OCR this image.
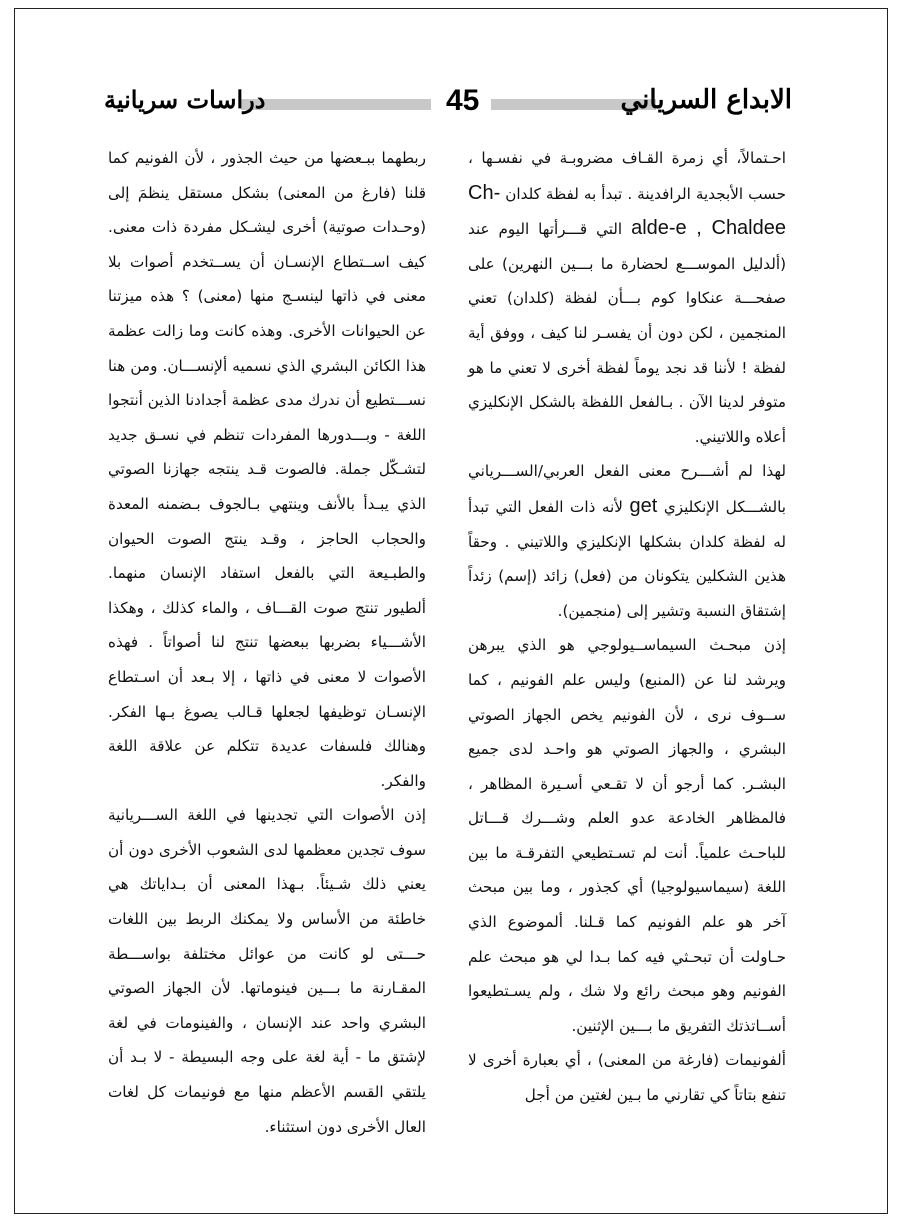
الابداع السرياني
45
دراسات سريانية

احـتمالاً، أي زمرة القـاف مضروبـة في نفسـها ، حسب الأبجدية الرافدينة . تبدأ به لفظة كلدان Ch-alde-e , Chaldee التي قـــرأتها اليوم عند (ألدليل الموســـع لحضارة ما بـــين النهرين) على صفحـــة عنكاوا كوم بـــأن لفظة (كلدان) تعني المنجمين ، لكن دون أن يفسـر لنا كيف ، ووفق أية لفظة ! لأننا قد نجد يوماً لفظة أخرى لا تعني ما هو متوفر لدينا الآن . بـالفعل اللفظة بالشكل الإنكليزي أعلاه واللاتيني.

لهذا لم أشـــرح معنى الفعل العربي/الســـرياني بالشـــكل الإنكليزي get لأنه ذات الفعل التي تبدأ له لفظة كلدان بشكلها الإنكليزي واللاتيني . وحقاً هذين الشكلين يتكونان من (فعل) زائد (إسم) زئداً إشتقاق النسبة وتشير إلى (منجمين).

إذن مبحـث السيماســيولوجي هو الذي يبرهن ويرشد لنا عن (المنبع) وليس علم الفونيم ، كما ســوف نرى ، لأن الفونيم يخص الجهاز الصوتي البشري ، والجهاز الصوتي هو واحـد لدى جميع البشـر. كما أرجو أن لا تقـعي أسـيرة المظاهر ، فالمظاهر الخادعة عدو العلم وشـــرك قـــاتل للباحـث علمياً. أنت لم تسـتطيعي التفرقـة ما بين اللغة (سيماسيولوجيا) أي كجذور ، وما بين مبحث آخر هو علم الفونيم كما قـلنا. ألموضوع الذي حـاولت أن تبحـثي فيه كما بـدا لي هو مبحث علم الفونيم وهو مبحث رائع ولا شك ، ولم يسـتطيعوا أســاتذتك التفريق ما بـــين الإثنين.

ألفونيمات (فارغة من المعنى) ، أي بعبارة أخرى لا تنفع بتاتاً كي تقارني ما بـين لغتين من أجل

ربطهما ببـعضها من حيث الجذور ، لأن الفونيم كما قلنا (فارغ من المعنى) بشكل مستقل ينظمَ إلى (وحـدات صوتية) أخرى ليشـكل مفردة ذات معنى. كيف اســتطاع الإنسـان أن يســتخدم أصوات بلا معنى في ذاتها لينسـج منها (معنى) ؟ هذه ميزتنا عن الحيوانات الأخرى. وهذه كانت وما زالت عظمة هذا الكائن البشري الذي نسميه ألإنســـان. ومن هنا نســـتطيع أن ندرك مدى عظمة أجدادنا الذين أنتجوا اللغة - وبـــدورها المفردات تنظم في نسـق جديد لتشـكّل جملة. فالصوت قـد ينتجه جهازنا الصوتي الذي يبـدأ بالأنف وينتهي بـالجوف بـضمنه المعدة والحجاب الحاجز ، وقـد ينتج الصوت الحيوان والطبـيعة التي بالفعل استفاد الإنسان منهما. ألطيور تنتج صوت القـــاف ، والماء كذلك ، وهكذا الأشـــياء بضربها ببعضها تنتج لنا أصواتاً . فهذه الأصوات لا معنى في ذاتها ، إلا بـعد أن اسـتطاع الإنسـان توظيفها لجعلها قـالب يصوغ بـها الفكر. وهنالك فلسفات عديدة تتكلم عن علاقة اللغة والفكر.

إذن الأصوات التي تجدينها في اللغة الســـريانية سوف تجدين معظمها لدى الشعوب الأخرى دون أن يعني ذلك شـيئاً. بـهذا المعنى أن بـداياتك هي خاطئة من الأساس ولا يمكنك الربط بين اللغات حـــتى لو كانت من عوائل مختلفة بواســـطة المقـارنة ما بـــين فينوماتها. لأن الجهاز الصوتي البشري واحد عند الإنسان ، والفينومات في لغة لإشتق ما - أية لغة على وجه البسيطة - لا بـد أن يلتقي القسم الأعظم منها مع فونيمات كل لغات العال الأخرى دون استثناء.
